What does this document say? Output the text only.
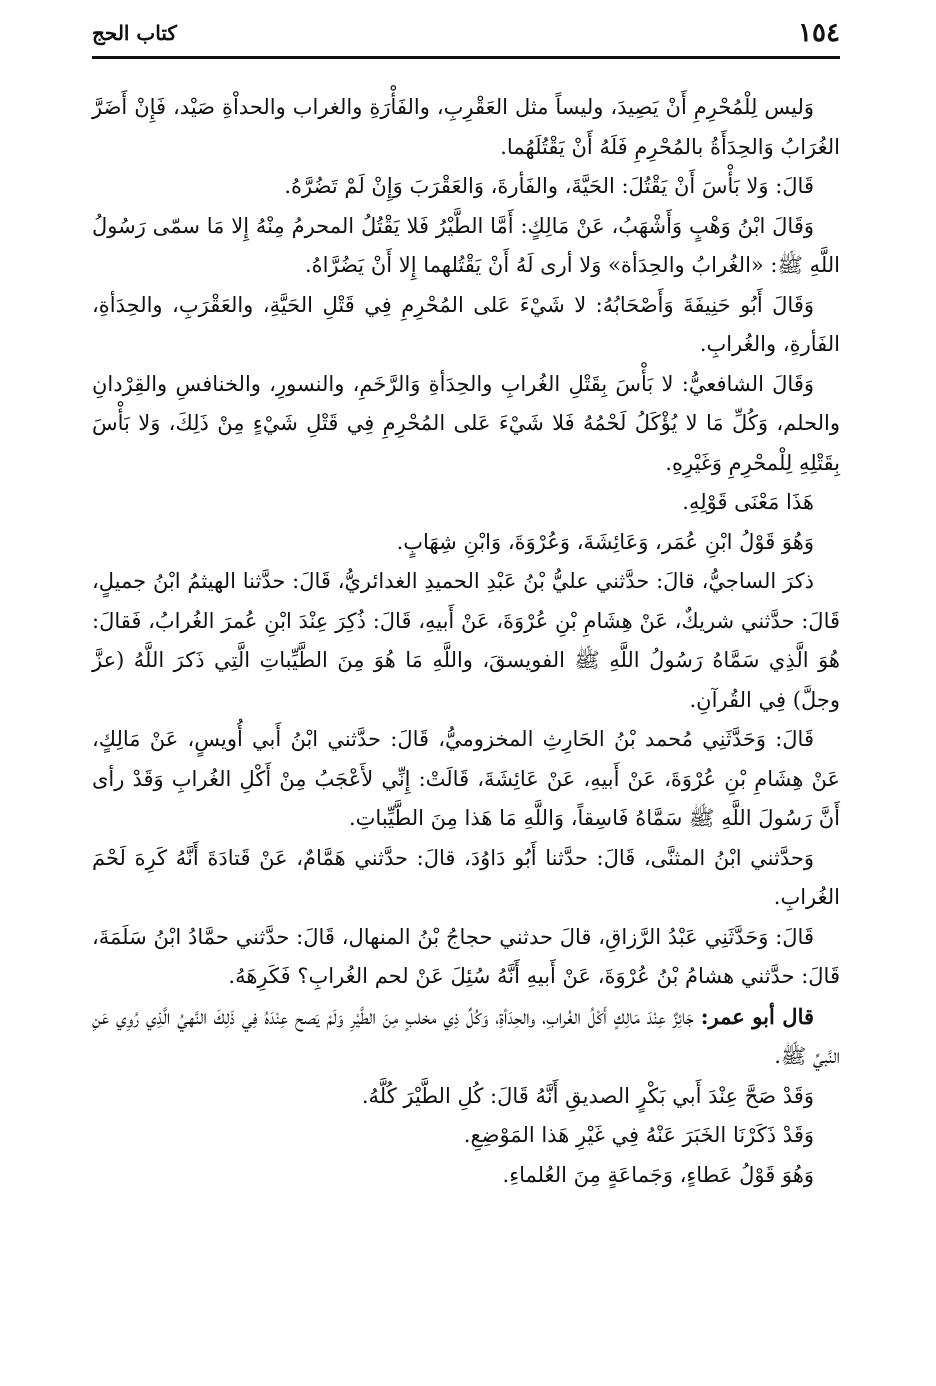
١٥٤
كتاب الحج

وَليس لِلْمُحْرِمِ أَنْ يَصِيدَ، وليساً مثل العَقْرِبِ، والفَأْرَةِ والغراب والحداْةِ صَيْد، فَإِنْ أَضَرَّ الغُرَابُ وَالحِدَأَةُ بالمُحْرِمِ فَلَهُ أَنْ يَقْتُلَهُما.

قَالَ: وَلا بَأْسَ أَنْ يَقْتُلَ: الحَيَّةَ، والفَأرةَ، وَالعَقْرَبَ وَإِنْ لَمْ تَضُرَّهُ.

وَقَالَ ابْنُ وَهْبٍ وَأَشْهَبُ، عَنْ مَالِكٍ: أَمَّا الطَّيْرُ فَلا يَقْتُلُ المحرمُ مِنْهُ إِلا مَا سمّى رَسُولُ اللَّهِ ﷺ: «الغُرابُ والحِدَأة» وَلا أرى لَهُ أَنْ يَقْتُلهما إِلا أَنْ يَضُرَّاهُ.

وَقَالَ أَبُو حَنِيفَةَ وَأَصْحَابُهُ: لا شَيْءَ عَلى المُحْرِمِ فِي قَتْلِ الحَيَّةِ، والعَقْرَبِ، والحِدَأةِ، الفَأرةِ، والغُرابِ.

وَقَالَ الشافعيُّ: لا بَأْسَ بِقَتْلِ الغُرابِ والحِدَأةِ وَالرَّخَمِ، والنسورِ، والخنافسِ والقِرْدانِ والحلم، وَكُلِّ مَا لا يُؤْكَلُ لَحْمُهُ فَلا شَيْءَ عَلى المُحْرِمِ فِي قَتْلِ شَيْءٍ مِنْ ذَلِكَ، وَلا بَأْسَ بِقَتْلِهِ لِلْمحْرِمِ وَغَيْرِهِ.

هَذَا مَعْنَى قَوْلِهِ.

وَهُوَ قَوْلُ ابْنِ عُمَر، وَعَائِشَةَ، وَعُرْوَةَ، وَابْنِ شِهَابٍ.

ذكرَ الساجيُّ، قالَ: حدَّثني عليُّ بْنُ عَبْدِ الحميدِ الغدائريُّ، قَالَ: حدَّثنا الهيثمُ ابْنُ جميلٍ، قَالَ: حدَّثني شريكٌ، عَنْ هِشَامِ بْنِ عُرْوَةَ، عَنْ أَبيهِ، قَالَ: ذُكِرَ عِنْدَ ابْنِ عُمرَ الغُرابُ، فَقالَ: هُوَ الَّذِي سَمَّاهُ رَسُولُ اللَّهِ ﷺ الفويسقَ، واللَّهِ مَا هُوَ مِنَ الطَّيِّباتِ الَّتِي ذَكرَ اللَّهُ (عزَّ وجلَّ) فِي القُرآنِ.

قَالَ: وَحَدَّثَنِي مُحمد بْنُ الحَارِثِ المخزوميُّ، قَالَ: حدَّثني ابْنُ أَبي أُويسٍ، عَنْ مَالِكٍ، عَنْ هِشَامِ بْنِ عُرْوَةَ، عَنْ أَبيهِ، عَنْ عَائِشَةَ، قَالَتْ: إِنِّي لأَعْجَبُ مِنْ أَكْلِ الغُرابِ وَقَدْ رأى أَنَّ رَسُولَ اللَّهِ ﷺ سَمَّاهُ فَاسِقاً، وَاللَّهِ مَا هَذا مِنَ الطَّيِّباتِ.

وَحدَّثني ابْنُ المثنَّى، قَالَ: حدَّثنا أَبُو دَاوُدَ، قالَ: حدَّثني هَمَّامٌ، عَنْ قَتادَةَ أَنَّهُ كَرِهَ لَحْمَ الغُرابِ.

قَالَ: وَحَدَّثَنِي عَبْدُ الرَّزاقِ، قالَ حدثني حجاجُ بْنُ المنهال، قَالَ: حدَّثني حمَّادُ ابْنُ سَلَمَةَ، قَالَ: حدَّثني هشامُ بْنُ عُرْوَةَ، عَنْ أَبيهِ أَنَّهُ سُئِلَ عَنْ لحم الغُرابِ؟ فَكَرِهَهُ.

قال أبو عمر: جَائِزٌ عِنْدَ مَالِكٍ أَكْلُ الغُرابِ، والحِدَأةِ، وَكُلِّ ذِي مخلبٍ مِنَ الطَّيْرِ وَلَمْ يَصح عِنْدَهُ فِي ذَلِكَ النَّهيُ الَّذِي رُوِي عَنِ النَّبيِّ ﷺ.

وَقَدْ صَحَّ عِنْدَ أَبي بَكْرٍ الصديقِ أَنَّهُ قَالَ: كُلِ الطَّيْرَ كُلَّهُ.

وَقَدْ ذَكَرْنَا الخَبَرَ عَنْهُ فِي غَيْرِ هَذا المَوْضِعِ.

وَهُوَ قَوْلُ عَطاءٍ، وَجَماعَةٍ مِنَ العُلماءِ.
